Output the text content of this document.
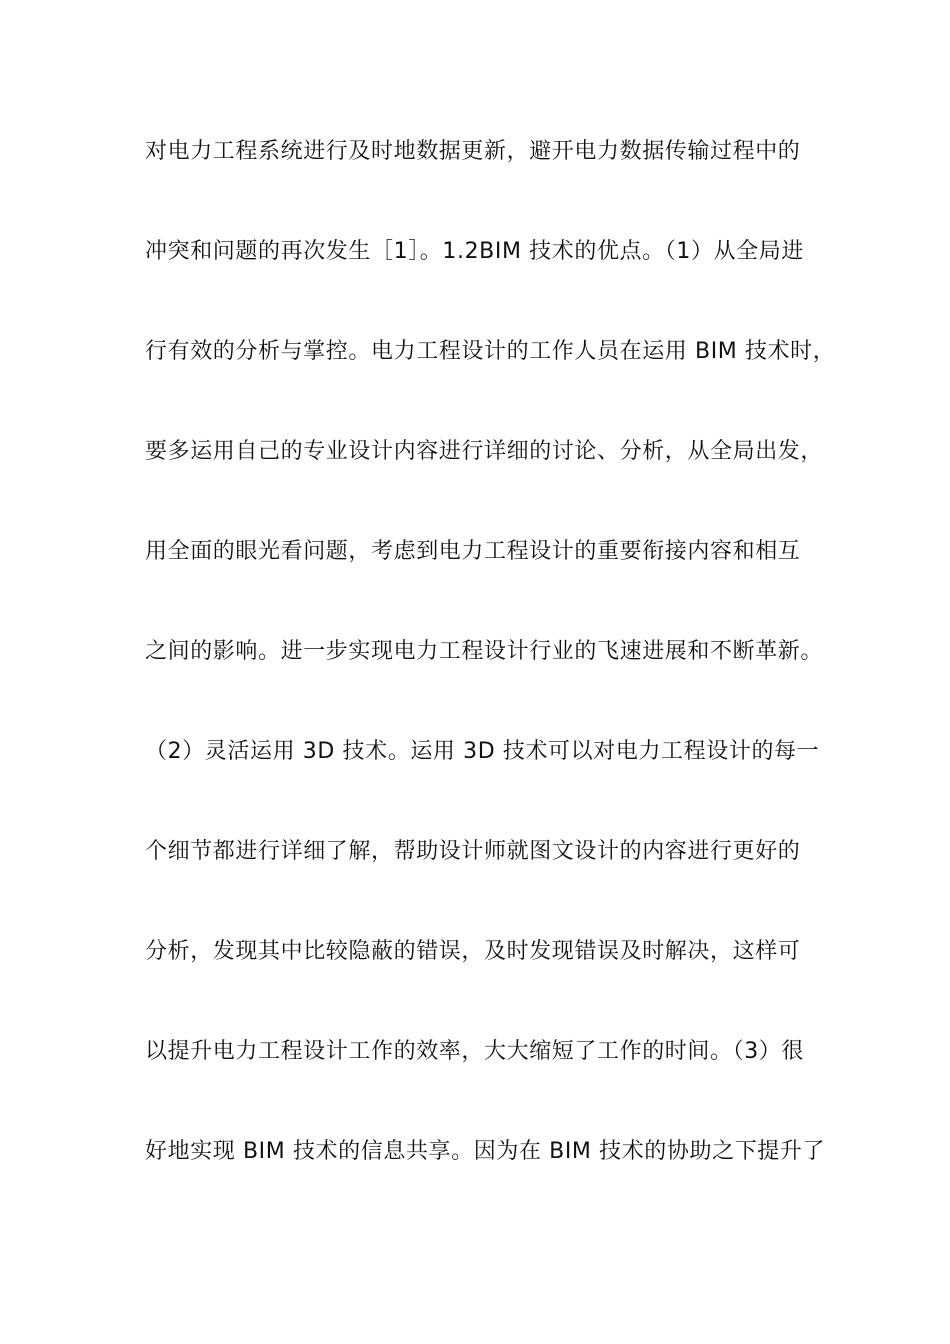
对电力工程系统进行及时地数据更新，避开电力数据传输过程中的
冲突和问题的再次发生［1］。1.2BIM 技术的优点。（1）从全局进
行有效的分析与掌控。电力工程设计的工作人员在运用 BIM 技术时，
要多运用自己的专业设计内容进行详细的讨论、分析，从全局出发，
用全面的眼光看问题，考虑到电力工程设计的重要衔接内容和相互
之间的影响。进一步实现电力工程设计行业的飞速进展和不断革新。
（2）灵活运用 3D 技术。运用 3D 技术可以对电力工程设计的每一
个细节都进行详细了解，帮助设计师就图文设计的内容进行更好的
分析，发现其中比较隐蔽的错误，及时发现错误及时解决，这样可
以提升电力工程设计工作的效率，大大缩短了工作的时间。（3）很
好地实现 BIM 技术的信息共享。因为在 BIM 技术的协助之下提升了
